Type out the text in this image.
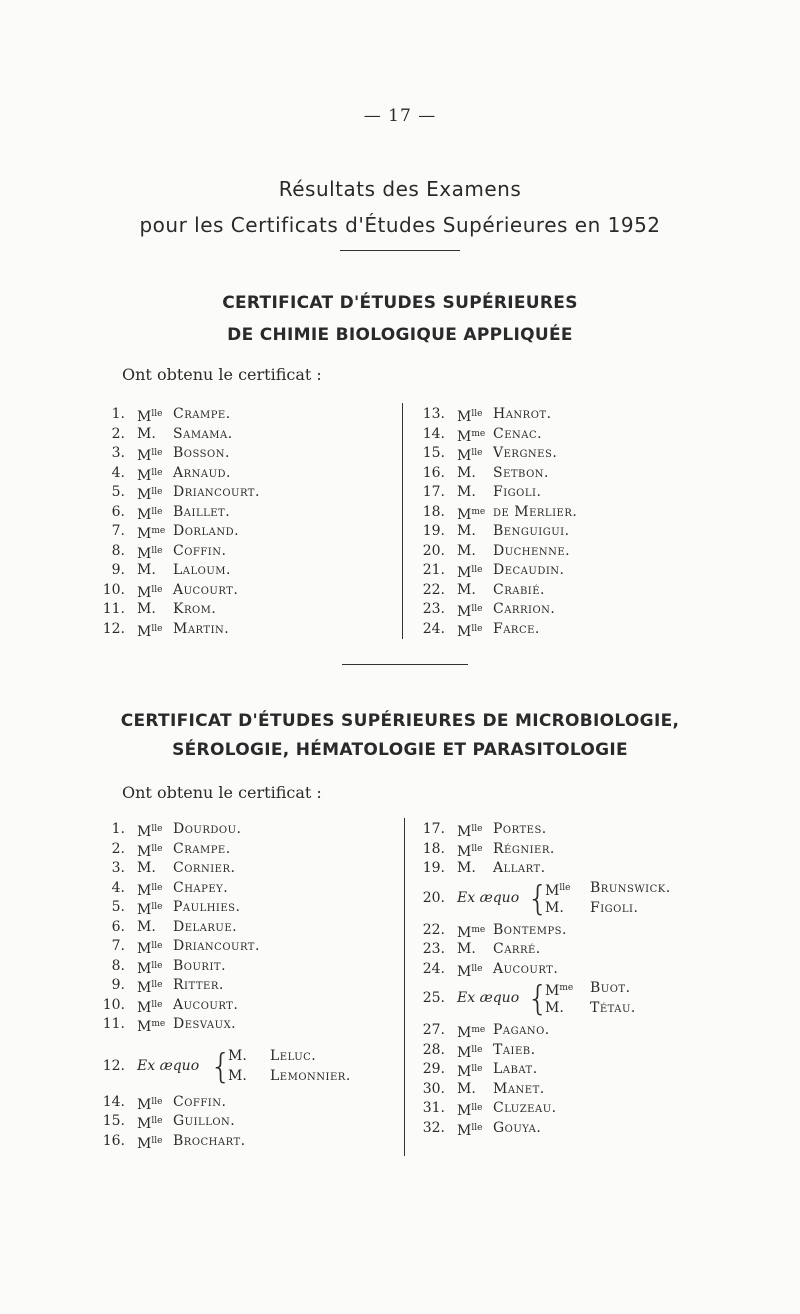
— 17 —
Résultats des Examens
pour les Certificats d'Études Supérieures en 1952
CERTIFICAT D'ÉTUDES SUPÉRIEURES
DE CHIMIE BIOLOGIQUE APPLIQUÉE
Ont obtenu le certificat :
1. $M^{lle}$ Crampe.
2. M. Samama.
3. $M^{lle}$ Bosson.
4. $M^{lle}$ Arnaud.
5. $M^{lle}$ Driancourt.
6. $M^{lle}$ Baillet.
7. $M^{me}$ Dorland.
8. $M^{lle}$ Coffin.
9. M. Laloum.
10. $M^{lle}$ Aucourt.
11. M. Krom.
12. $M^{lle}$ Martin.
13. $M^{lle}$ Hanrot.
14. $M^{me}$ Cenac.
15. $M^{lle}$ Vergnes.
16. M. Setbon.
17. M. Figoli.
18. $M^{me}$ de Merlier.
19. M. Benguigui.
20. M. Duchenne.
21. $M^{lle}$ Decaudin.
22. M. Crabié.
23. $M^{lle}$ Carrion.
24. $M^{lle}$ Farce.
CERTIFICAT D'ÉTUDES SUPÉRIEURES DE MICROBIOLOGIE,
SÉROLOGIE, HÉMATOLOGIE ET PARASITOLOGIE
Ont obtenu le certificat :
1. $M^{lle}$ Dourdou.
2. $M^{lle}$ Crampe.
3. M. Cornier.
4. $M^{lle}$ Chapey.
5. $M^{lle}$ Paulhies.
6. M. Delarue.
7. $M^{lle}$ Driancourt.
8. $M^{lle}$ Bourit.
9. $M^{lle}$ Ritter.
10. $M^{lle}$ Aucourt.
11. $M^{me}$ Desvaux.
12. Ex æquo {
M. Leluc.
M. Lemonnier.
14. $M^{lle}$ Coffin.
15. $M^{lle}$ Guillon.
16. $M^{lle}$ Brochart.
17. $M^{lle}$ Portes.
18. $M^{lle}$ Régnier.
19. M. Allart.
20. Ex æquo {
$M^{lle}$ Brunswick.
M. Figoli.
22. $M^{me}$ Bontemps.
23. M. Carré.
24. $M^{lle}$ Aucourt.
25. Ex æquo {
$M^{me}$ Buot.
M. Tétau.
27. $M^{me}$ Pagano.
28. $M^{lle}$ Taieb.
29. $M^{lle}$ Labat.
30. M. Manet.
31. $M^{lle}$ Cluzeau.
32. $M^{lle}$ Gouya.
